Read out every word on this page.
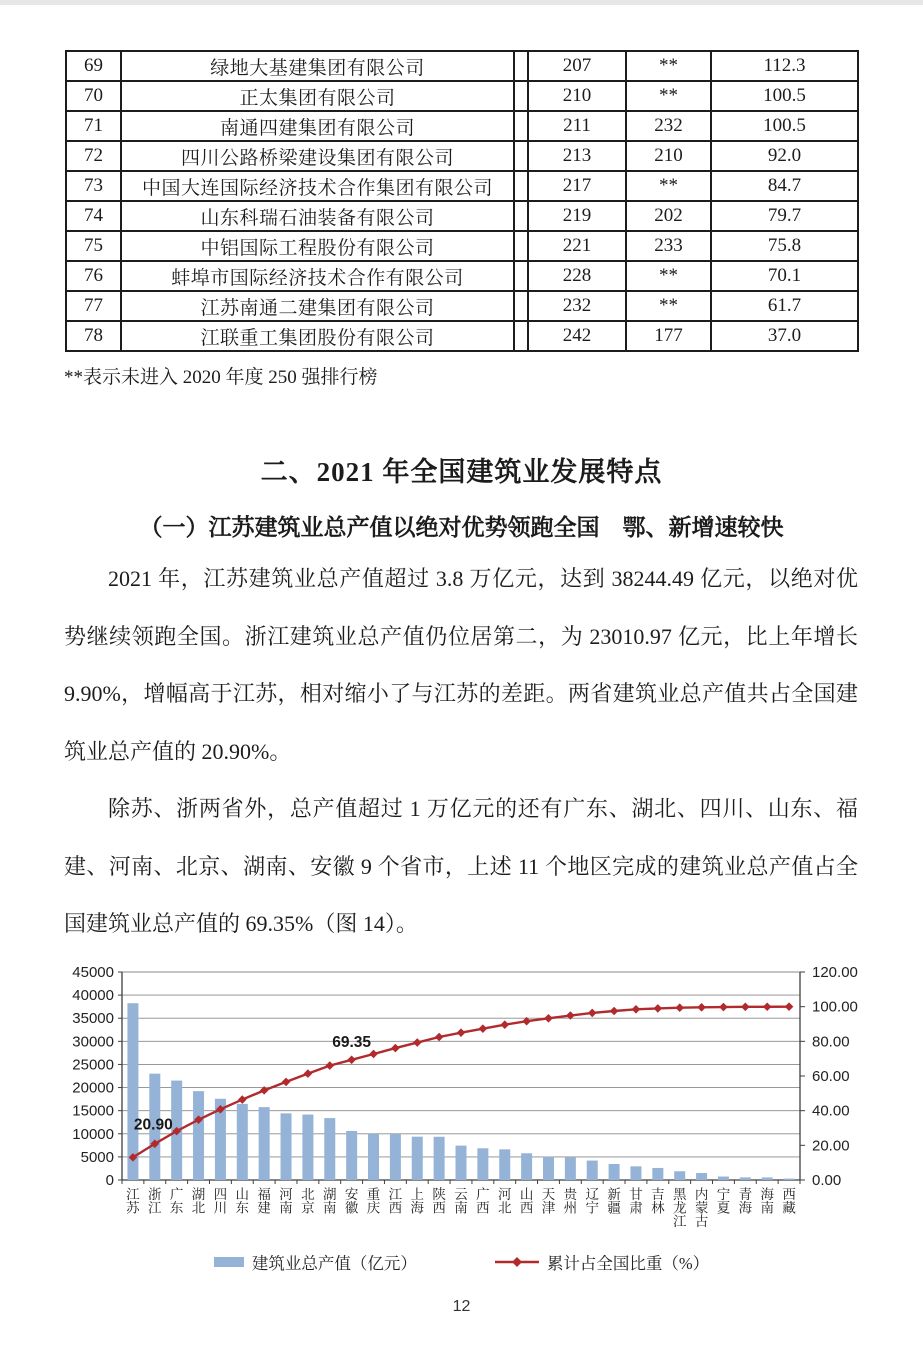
69	绿地大基建集团有限公司		207	**	112.3
70	正太集团有限公司		210	**	100.5
71	南通四建集团有限公司		211	232	100.5
72	四川公路桥梁建设集团有限公司		213	210	92.0
73	中国大连国际经济技术合作集团有限公司		217	**	84.7
74	山东科瑞石油装备有限公司		219	202	79.7
75	中铝国际工程股份有限公司		221	233	75.8
76	蚌埠市国际经济技术合作有限公司		228	**	70.1
77	江苏南通二建集团有限公司		232	**	61.7
78	江联重工集团股份有限公司		242	177	37.0
**表示未进入 2020 年度 250 强排行榜
二、2021 年全国建筑业发展特点
（一）江苏建筑业总产值以绝对优势领跑全国　鄂、新增速较快

2021 年，江苏建筑业总产值超过 3.8 万亿元，达到 38244.49 亿元，以绝对优势继续领跑全国。浙江建筑业总产值仍位居第二，为 23010.97 亿元，比上年增长 9.90%，增幅高于江苏，相对缩小了与江苏的差距。两省建筑业总产值共占全国建筑业总产值的 20.90%。

除苏、浙两省外，总产值超过 1 万亿元的还有广东、湖北、四川、山东、福建、河南、北京、湖南、安徽 9 个省市，上述 11 个地区完成的建筑业总产值占全国建筑业总产值的 69.35%（图 14）。

45000
40000
35000
30000
25000
20000
15000
10000
5000
0
120.00
100.00
80.00
60.00
40.00
20.00
0.00
20.90
69.35
江苏
浙江
广东
湖北
四川
山东
福建
河南
北京
湖南
安徽
重庆
江西
上海
陕西
云南
广西
河北
山西
天津
贵州
辽宁
新疆
甘肃
吉林
黑龙江
内蒙古
宁夏
青海
海南
西藏
建筑业总产值（亿元）	累计占全国比重（%）
12
